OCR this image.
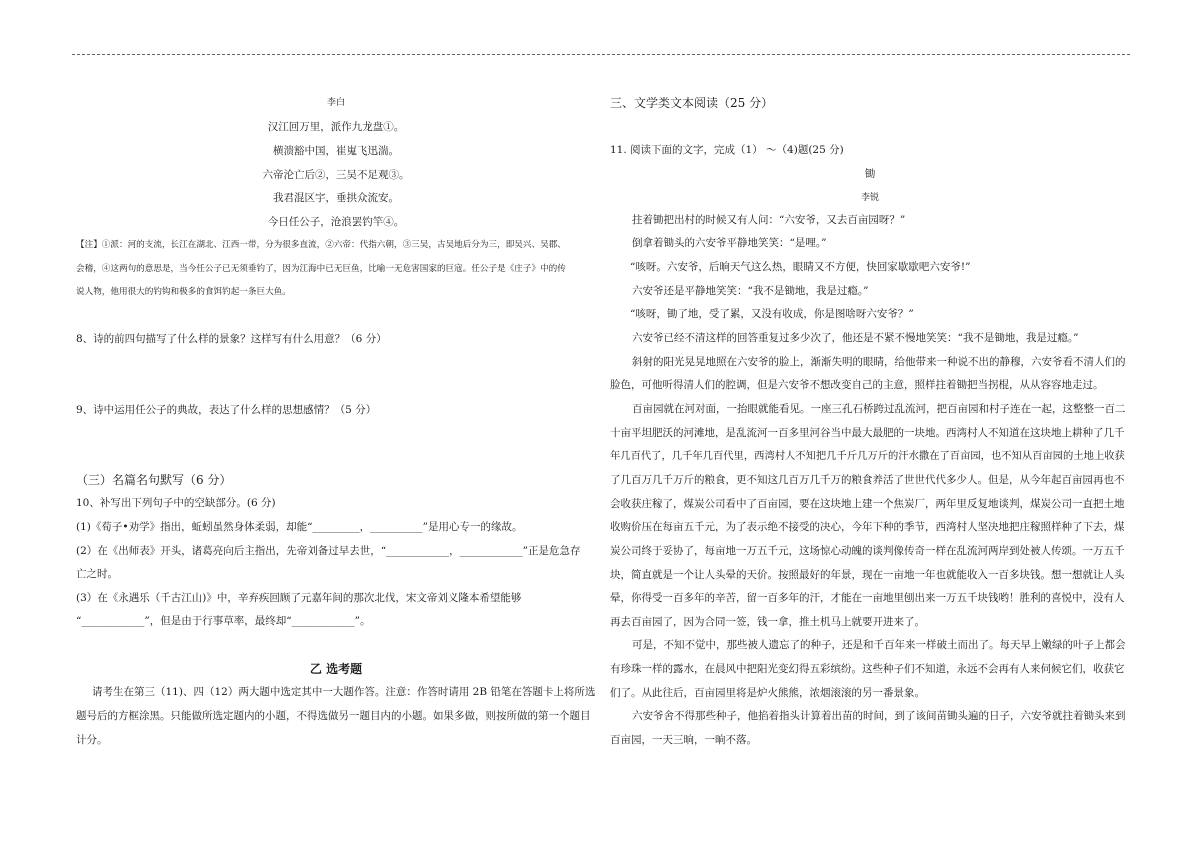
李白
汉江回万里，派作九龙盘①。
横溃豁中国，崔嵬飞迅湍。
六帝沦亡后②，三吴不足观③。
我君混区宇，垂拱众流安。
今日任公子，沧浪罢钓竿④。
【注】①派：河的支流，长江在湖北、江西一带，分为很多直流，②六帝：代指六朝，③三吴，古吴地后分为三，即吴兴、吴郡、
会稽，④这两句的意思是，当今任公子已无须垂钓了，因为江海中已无巨鱼，比喻一无危害国家的巨寇。任公子是《庄子》中的传
说人物，他用很大的钓钩和极多的食饵钓起一条巨大鱼。
8、诗的前四句描写了什么样的景象？这样写有什么用意？（6 分）
9、诗中运用任公子的典故，表达了什么样的思想感情？（5 分）
（三）名篇名句默写（6 分）
10、补写出下列句子中的空缺部分。(6 分)
(1)《荀子•劝学》指出，蚯蚓虽然身体柔弱，却能“_________，__________”是用心专一的缘故。
(2）在《出师表》开头，诸葛亮向后主指出，先帝刘备过早去世，“____________，____________”正是危急存
亡之时。
(3）在《永遇乐（千古江山)》中，辛弃疾回顾了元嘉年间的那次北伐，宋文帝刘义隆本希望能够
“____________”，但是由于行事草率，最终却“____________”。
乙 选考题
请考生在第三（11)、四（12）两大题中选定其中一大题作答。注意：作答时请用 2B 铅笔在答题卡上将所选
题号后的方框涂黑。只能做所选定题内的小题，不得选做另一题目内的小题。如果多做，则按所做的第一个题目
计分。
三、文学类文本阅读（25 分）
11. 阅读下面的文字，完成（1） ～（4)题(25 分)
锄
李锐
拄着锄把出村的时候又有人问：“六安爷，又去百亩园呀？”
倒拿着锄头的六安爷平静地笑笑：“是哩。”
“咳呀。六安爷，后晌天气这么热，眼睛又不方便，快回家歇歇吧六安爷!”
六安爷还是平静地笑笑：“我不是锄地，我是过瘾。”
“咳呀，锄了地，受了累，又没有收成，你是图啥呀六安爷？”
六安爷已经不清这样的回答重复过多少次了，他还是不紧不慢地笑笑：“我不是锄地，我是过瘾。”
斜射的阳光晃晃地照在六安爷的脸上，渐渐失明的眼睛，给他带来一种说不出的静穆，六安爷看不清人们的
脸色，可他听得清人们的腔调，但是六安爷不想改变自己的主意，照样拄着锄把当拐棍，从从容容地走过。
百亩园就在河对面，一抬眼就能看见。一座三孔石桥跨过乱流河，把百亩园和村子连在一起，这整整一百二
十亩平坦肥沃的河滩地，是乱流河一百多里河谷当中最大最肥的一块地。西湾村人不知道在这块地上耕种了几千
年几百代了，几千年几百代里，西湾村人不知把几千斤几万斤的汗水撒在了百亩园，也不知从百亩园的土地上收获
了几百万几千万斤的粮食，更不知这几百万几千万的粮食养活了世世代代多少人。但是，从今年起百亩园再也不
会收获庄稼了，煤炭公司看中了百亩园，要在这块地上建一个焦炭厂，两年里反复地谈判，煤炭公司一直把土地
收购价压在每亩五千元，为了表示绝不接受的决心，今年下种的季节，西湾村人坚决地把庄稼照样种了下去，煤
炭公司终于妥协了，每亩地一万五千元，这场惊心动魄的谈判像传奇一样在乱流河两岸到处被人传颂。一万五千
块，简直就是一个让人头晕的天价。按照最好的年景，现在一亩地一年也就能收入一百多块钱。想一想就让人头
晕，你得受一百多年的辛苦，留一百多年的汗，才能在一亩地里刨出来一万五千块钱哟！胜利的喜悦中，没有人
再去百亩园了，因为合同一签，钱一拿，推土机马上就要开进来了。
可是，不知不觉中，那些被人遗忘了的种子，还是和千百年来一样破土而出了。每天早上嫩绿的叶子上都会
有珍珠一样的露水，在晨风中把阳光变幻得五彩缤纷。这些种子们不知道，永远不会再有人来伺候它们，收获它
们了。从此往后，百亩园里将是炉火熊熊，浓烟滚滚的另一番景象。
六安爷舍不得那些种子，他掐着指头计算着出苗的时间，到了该间苗锄头遍的日子，六安爷就拄着锄头来到
百亩园，一天三晌，一晌不落。
